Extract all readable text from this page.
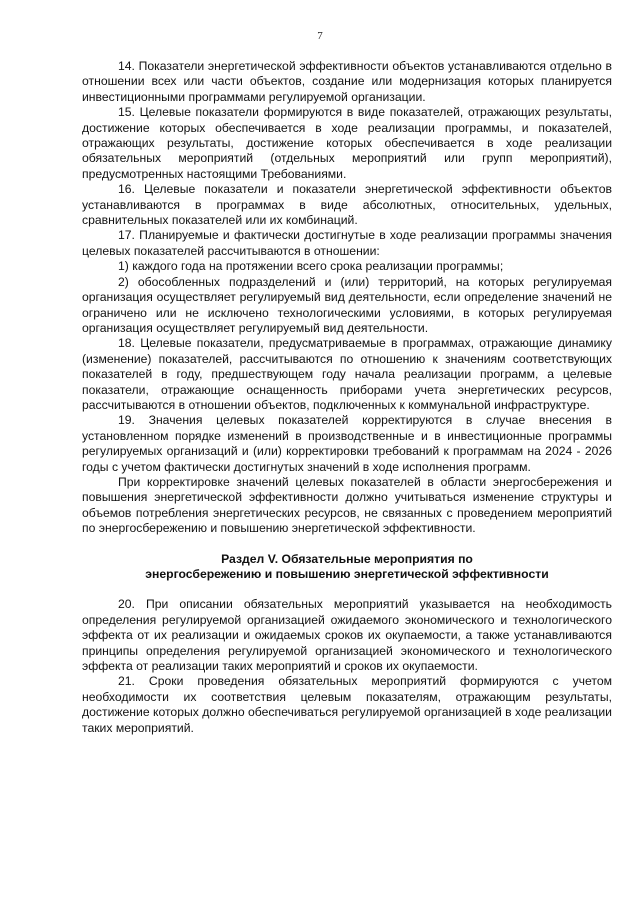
7

14. Показатели энергетической эффективности объектов устанавливаются отдельно в отношении всех или части объектов, создание или модернизация которых планируется инвестиционными программами регулируемой организации.

15. Целевые показатели формируются в виде показателей, отражающих результаты, достижение которых обеспечивается в ходе реализации программы, и показателей, отражающих результаты, достижение которых обеспечивается в ходе реализации обязательных мероприятий (отдельных мероприятий или групп мероприятий), предусмотренных настоящими Требованиями.

16. Целевые показатели и показатели энергетической эффективности объектов устанавливаются в программах в виде абсолютных, относительных, удельных, сравнительных показателей или их комбинаций.

17. Планируемые и фактически достигнутые в ходе реализации программы значения целевых показателей рассчитываются в отношении:

1) каждого года на протяжении всего срока реализации программы;

2) обособленных подразделений и (или) территорий, на которых регулируемая организация осуществляет регулируемый вид деятельности, если определение значений не ограничено или не исключено технологическими условиями, в которых регулируемая организация осуществляет регулируемый вид деятельности.

18. Целевые показатели, предусматриваемые в программах, отражающие динамику (изменение) показателей, рассчитываются по отношению к значениям соответствующих показателей в году, предшествующем году начала реализации программ, а целевые показатели, отражающие оснащенность приборами учета энергетических ресурсов, рассчитываются в отношении объектов, подключенных к коммунальной инфраструктуре.

19. Значения целевых показателей корректируются в случае внесения в установленном порядке изменений в производственные и в инвестиционные программы регулируемых организаций и (или) корректировки требований к программам на 2024 - 2026 годы с учетом фактически достигнутых значений в ходе исполнения программ.

При корректировке значений целевых показателей в области энергосбережения и повышения энергетической эффективности должно учитываться изменение структуры и объемов потребления энергетических ресурсов, не связанных с проведением мероприятий по энергосбережению и повышению энергетической эффективности.

Раздел V. Обязательные мероприятия по
энергосбережению и повышению энергетической эффективности

20. При описании обязательных мероприятий указывается на необходимость определения регулируемой организацией ожидаемого экономического и технологического эффекта от их реализации и ожидаемых сроков их окупаемости, а также устанавливаются принципы определения регулируемой организацией экономического и технологического эффекта от реализации таких мероприятий и сроков их окупаемости.

21. Сроки проведения обязательных мероприятий формируются с учетом необходимости их соответствия целевым показателям, отражающим результаты, достижение которых должно обеспечиваться регулируемой организацией в ходе реализации таких мероприятий.
